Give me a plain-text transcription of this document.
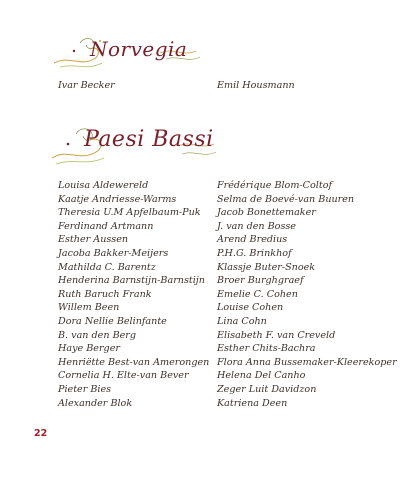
Norvegia
Ivar Becker	Emil Housmann
Paesi Bassi
Louisa Aldewereld
Kaatje Andriesse-Warms
Theresia U.M Apfelbaum-Puk
Ferdinand Artmann
Esther Aussen
Jacoba Bakker-Meijers
Mathilda C. Barentz
Henderina Barnstijn-Barnstijn
Ruth Baruch Frank
Willem Been
Dora Nellie Belinfante
B. van den Berg
Haye Berger
Henriëtte Best-van Amerongen
Cornelia H. Elte-van Bever
Pieter Bies
Alexander Blok
Frédérique Blom-Coltof
Selma de Boevé-van Buuren
Jacob Bonettemaker
J. van den Bosse
Arend Bredius
P.H.G. Brinkhof
Klassje Buter-Snoek
Broer Burghgraef
Emelie C. Cohen
Louise Cohen
Lina Cohn
Elisabeth F. van Creveld
Esther Chits-Bachra
Flora Anna Bussemaker-Kleerekoper
Helena Del Canho
Zeger Luit Davidzon
Katriena Deen
22
